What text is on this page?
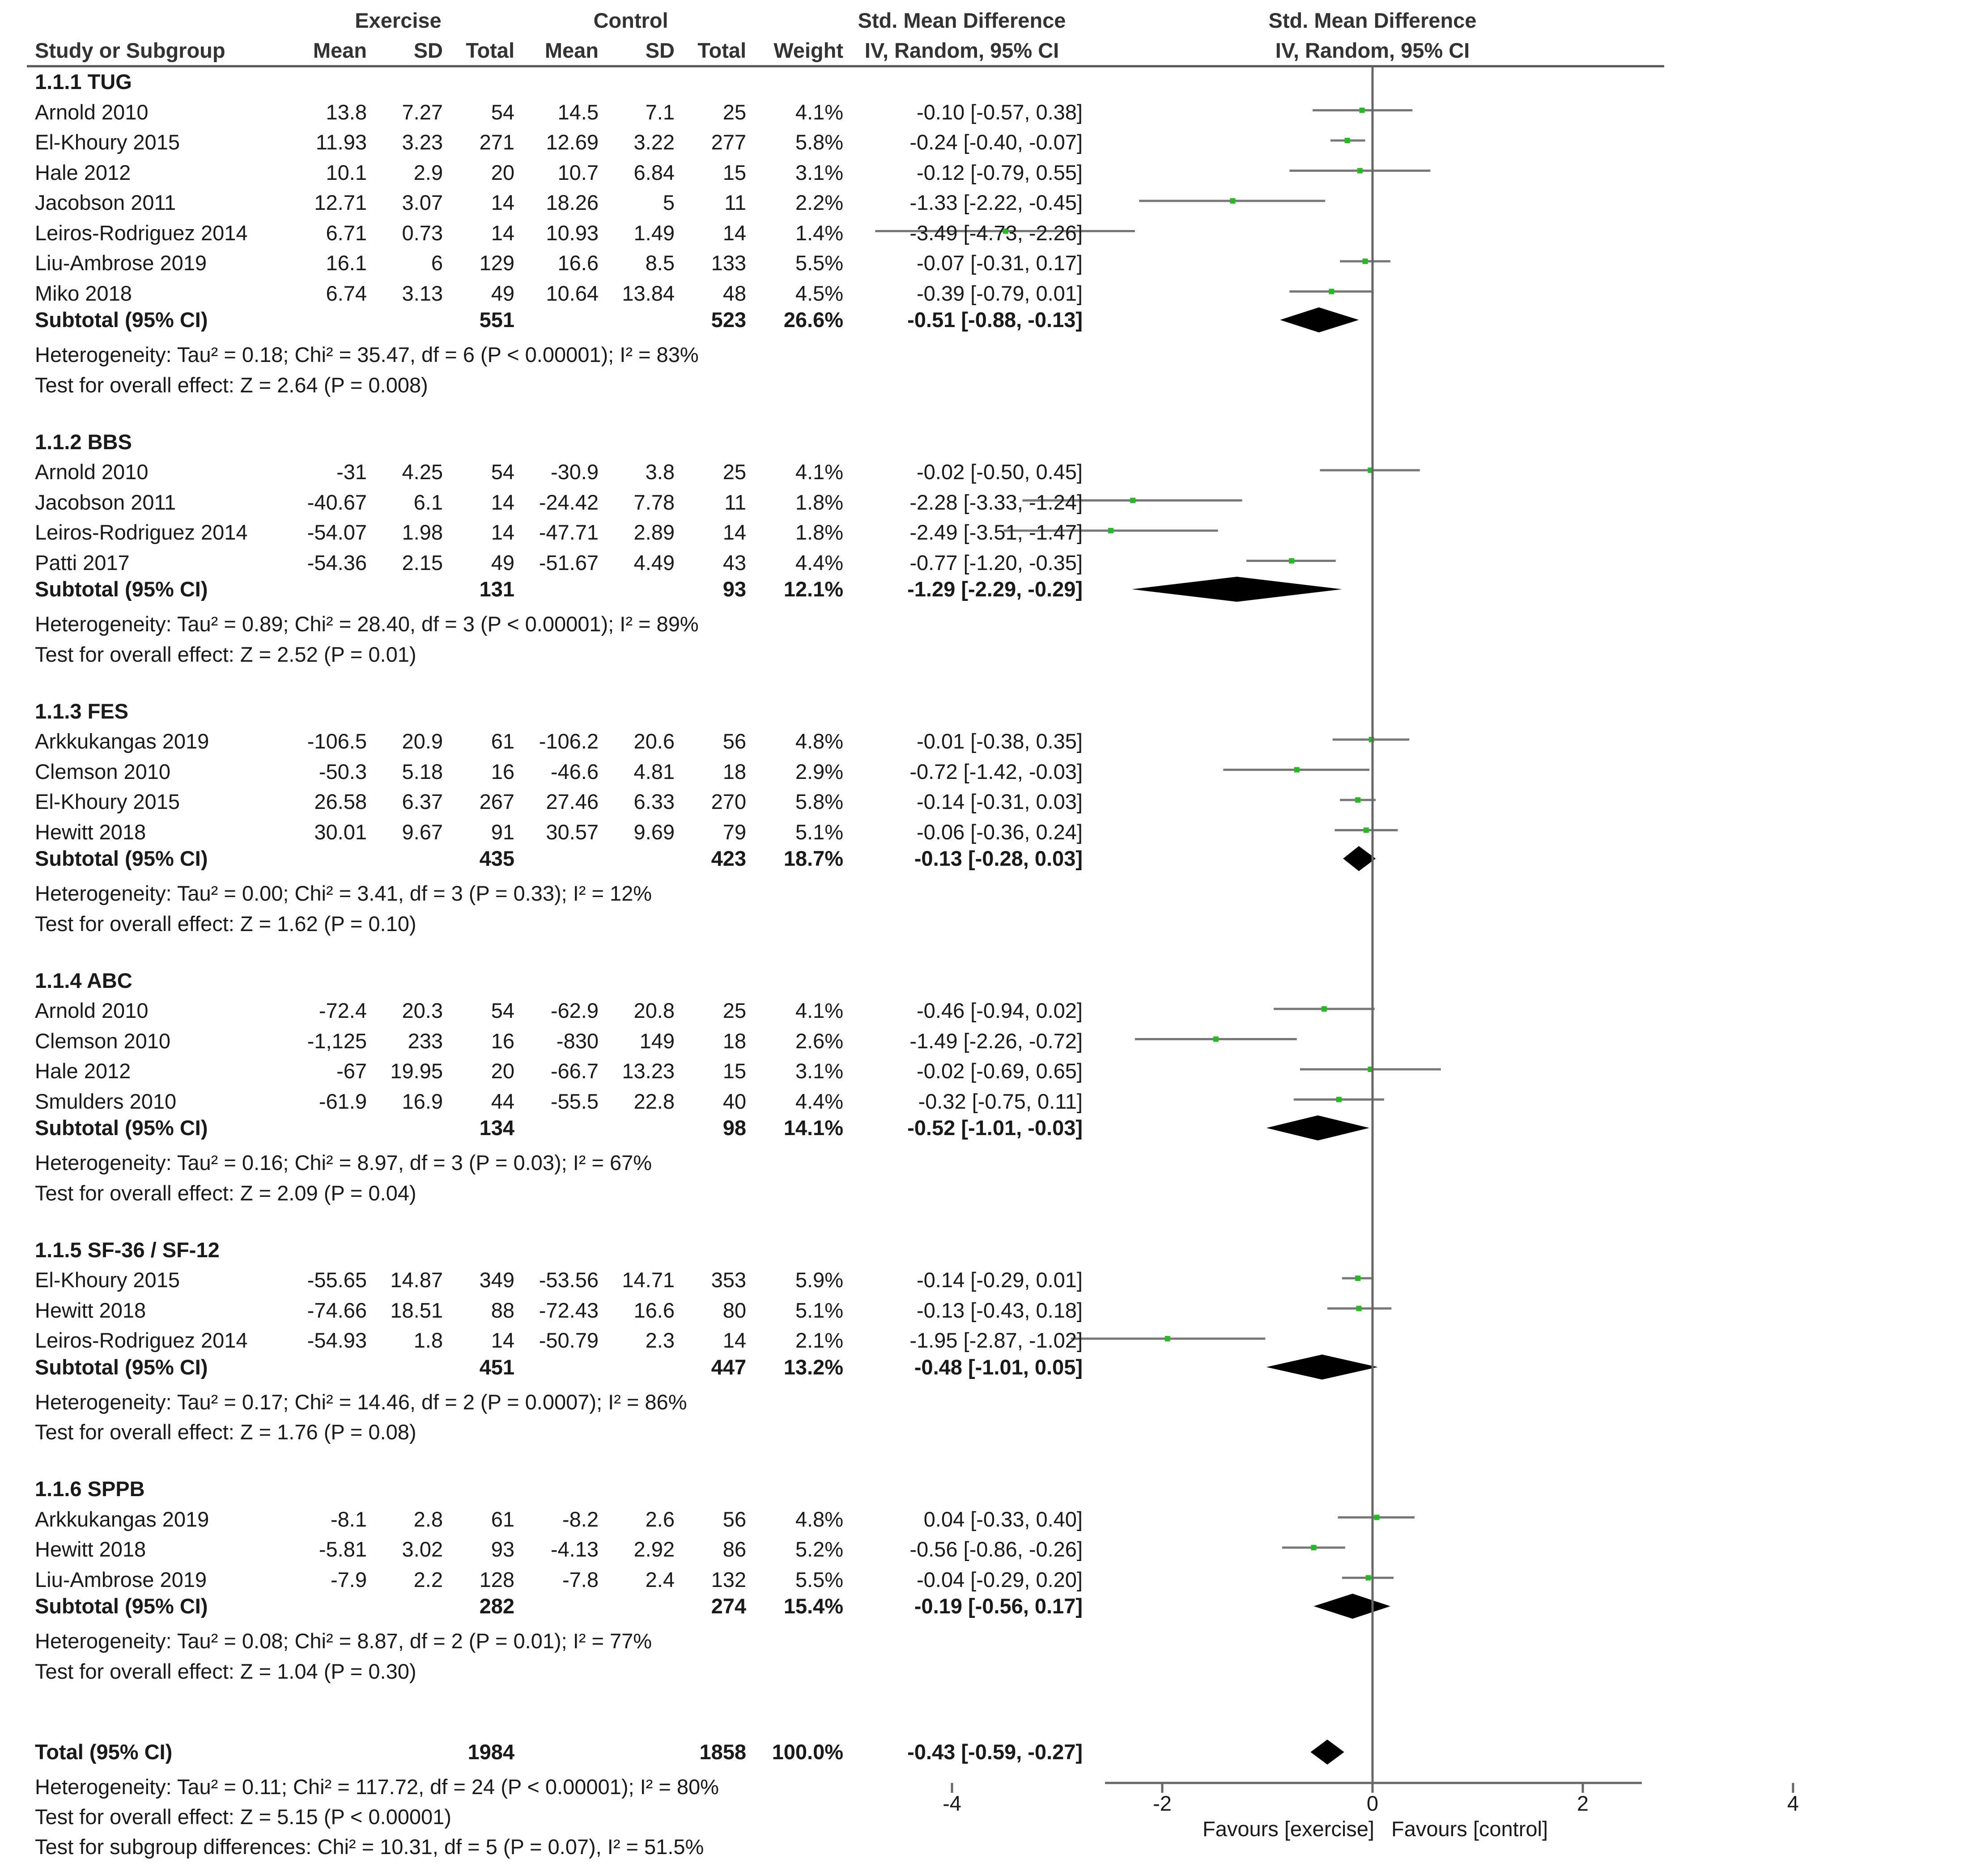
Exercise	Control	Std. Mean Difference	Std. Mean Difference
Study or Subgroup	Mean SD Total Mean SD Total Weight	IV, Random, 95% CI	IV, Random, 95% CI
1.1.1 TUG
Arnold 2010	13.8 7.27 54 14.5 7.1 25 4.1%	-0.10 [-0.57, 0.38]
El-Khoury 2015	11.93 3.23 271 12.69 3.22 277 5.8%	-0.24 [-0.40, -0.07]
Hale 2012	10.1 2.9 20 10.7 6.84 15 3.1%	-0.12 [-0.79, 0.55]
Jacobson 2011	12.71 3.07 14 18.26	5 11 2.2%	-1.33 [-2.22, -0.45]
Leiros-Rodriguez 2014	6.71 0.73 14 10.93 1.49 14 1.4%	-3.49 [-4.73, -2.26]
Liu-Ambrose 2019	16.1	6 129 16.6 8.5 133 5.5%	-0.07 [-0.31, 0.17]
Miko 2018	6.74 3.13 49 10.64 13.84 48 4.5%	-0.39 [-0.79, 0.01]
Subtotal (95% CI)	551	523 26.6%	-0.51 [-0.88, -0.13]
Heterogeneity: Tau² = 0.18; Chi² = 35.47, df = 6 (P < 0.00001); I² = 83%
Test for overall effect: Z = 2.64 (P = 0.008)
1.1.2 BBS
Arnold 2010	-31 4.25 54 -30.9 3.8 25 4.1%	-0.02 [-0.50, 0.45]
Jacobson 2011	-40.67 6.1 14 -24.42 7.78 11 1.8%	-2.28 [-3.33, -1.24]
Leiros-Rodriguez 2014	-54.07 1.98 14 -47.71 2.89 14 1.8%	-2.49 [-3.51, -1.47]
Patti 2017	-54.36 2.15 49 -51.67 4.49 43 4.4%	-0.77 [-1.20, -0.35]
Subtotal (95% CI)	131	93 12.1%	-1.29 [-2.29, -0.29]
Heterogeneity: Tau² = 0.89; Chi² = 28.40, df = 3 (P < 0.00001); I² = 89%
Test for overall effect: Z = 2.52 (P = 0.01)
1.1.3 FES
Arkkukangas 2019	-106.5 20.9 61 -106.2 20.6 56 4.8%	-0.01 [-0.38, 0.35]
Clemson 2010	-50.3 5.18 16 -46.6 4.81 18 2.9%	-0.72 [-1.42, -0.03]
El-Khoury 2015	26.58 6.37 267 27.46 6.33 270 5.8%	-0.14 [-0.31, 0.03]
Hewitt 2018	30.01 9.67 91 30.57 9.69 79 5.1%	-0.06 [-0.36, 0.24]
Subtotal (95% CI)	435	423 18.7%	-0.13 [-0.28, 0.03]
Heterogeneity: Tau² = 0.00; Chi² = 3.41, df = 3 (P = 0.33); I² = 12%
Test for overall effect: Z = 1.62 (P = 0.10)
1.1.4 ABC
Arnold 2010	-72.4 20.3 54 -62.9 20.8 25 4.1%	-0.46 [-0.94, 0.02]
Clemson 2010	-1,125 233 16 -830 149 18 2.6%	-1.49 [-2.26, -0.72]
Hale 2012	-67 19.95 20 -66.7 13.23 15 3.1%	-0.02 [-0.69, 0.65]
Smulders 2010	-61.9 16.9 44 -55.5 22.8 40 4.4%	-0.32 [-0.75, 0.11]
Subtotal (95% CI)	134	98 14.1%	-0.52 [-1.01, -0.03]
Heterogeneity: Tau² = 0.16; Chi² = 8.97, df = 3 (P = 0.03); I² = 67%
Test for overall effect: Z = 2.09 (P = 0.04)
1.1.5 SF-36 / SF-12
El-Khoury 2015	-55.65 14.87 349 -53.56 14.71 353 5.9%	-0.14 [-0.29, 0.01]
Hewitt 2018	-74.66 18.51 88 -72.43 16.6 80 5.1%	-0.13 [-0.43, 0.18]
Leiros-Rodriguez 2014	-54.93 1.8 14 -50.79 2.3 14 2.1%	-1.95 [-2.87, -1.02]
Subtotal (95% CI)	451	447 13.2%	-0.48 [-1.01, 0.05]
Heterogeneity: Tau² = 0.17; Chi² = 14.46, df = 2 (P = 0.0007); I² = 86%
Test for overall effect: Z = 1.76 (P = 0.08)
1.1.6 SPPB
Arkkukangas 2019	-8.1 2.8 61 -8.2 2.6 56 4.8%	0.04 [-0.33, 0.40]
Hewitt 2018	-5.81 3.02 93 -4.13 2.92 86 5.2%	-0.56 [-0.86, -0.26]
Liu-Ambrose 2019	-7.9 2.2 128 -7.8 2.4 132 5.5%	-0.04 [-0.29, 0.20]
Subtotal (95% CI)	282	274 15.4%	-0.19 [-0.56, 0.17]
Heterogeneity: Tau² = 0.08; Chi² = 8.87, df = 2 (P = 0.01); I² = 77%
Test for overall effect: Z = 1.04 (P = 0.30)
Total (95% CI)	1984	1858 100.0%	-0.43 [-0.59, -0.27]
Heterogeneity: Tau² = 0.11; Chi² = 117.72, df = 24 (P < 0.00001); I² = 80%
Test for overall effect: Z = 5.15 (P < 0.00001)
Test for subgroup differences: Chi² = 10.31, df = 5 (P = 0.07), I² = 51.5%
-4	-2	0	2	4
Favours [exercise] Favours [control]
